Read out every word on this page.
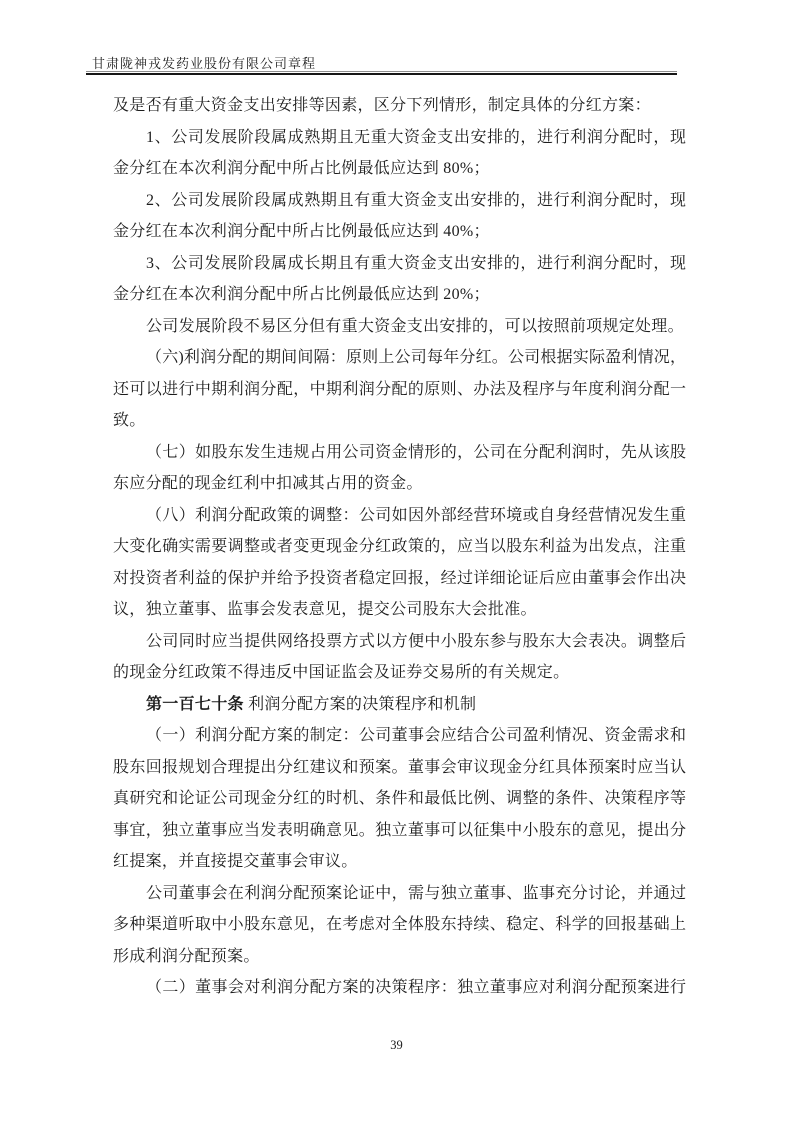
甘肃陇神戎发药业股份有限公司章程
及是否有重大资金支出安排等因素，区分下列情形，制定具体的分红方案：
1、公司发展阶段属成熟期且无重大资金支出安排的，进行利润分配时，现
金分红在本次利润分配中所占比例最低应达到 80%；
2、公司发展阶段属成熟期且有重大资金支出安排的，进行利润分配时，现
金分红在本次利润分配中所占比例最低应达到 40%；
3、公司发展阶段属成长期且有重大资金支出安排的，进行利润分配时，现
金分红在本次利润分配中所占比例最低应达到 20%；
公司发展阶段不易区分但有重大资金支出安排的，可以按照前项规定处理。
（六)利润分配的期间间隔：原则上公司每年分红。公司根据实际盈利情况，
还可以进行中期利润分配，中期利润分配的原则、办法及程序与年度利润分配一
致。
（七）如股东发生违规占用公司资金情形的，公司在分配利润时，先从该股
东应分配的现金红利中扣减其占用的资金。
（八）利润分配政策的调整：公司如因外部经营环境或自身经营情况发生重
大变化确实需要调整或者变更现金分红政策的，应当以股东利益为出发点，注重
对投资者利益的保护并给予投资者稳定回报，经过详细论证后应由董事会作出决
议，独立董事、监事会发表意见，提交公司股东大会批准。
公司同时应当提供网络投票方式以方便中小股东参与股东大会表决。调整后
的现金分红政策不得违反中国证监会及证券交易所的有关规定。
第一百七十条 利润分配方案的决策程序和机制
（一）利润分配方案的制定：公司董事会应结合公司盈利情况、资金需求和
股东回报规划合理提出分红建议和预案。董事会审议现金分红具体预案时应当认
真研究和论证公司现金分红的时机、条件和最低比例、调整的条件、决策程序等
事宜，独立董事应当发表明确意见。独立董事可以征集中小股东的意见，提出分
红提案，并直接提交董事会审议。
公司董事会在利润分配预案论证中，需与独立董事、监事充分讨论，并通过
多种渠道听取中小股东意见，在考虑对全体股东持续、稳定、科学的回报基础上
形成利润分配预案。
（二）董事会对利润分配方案的决策程序：独立董事应对利润分配预案进行
39
